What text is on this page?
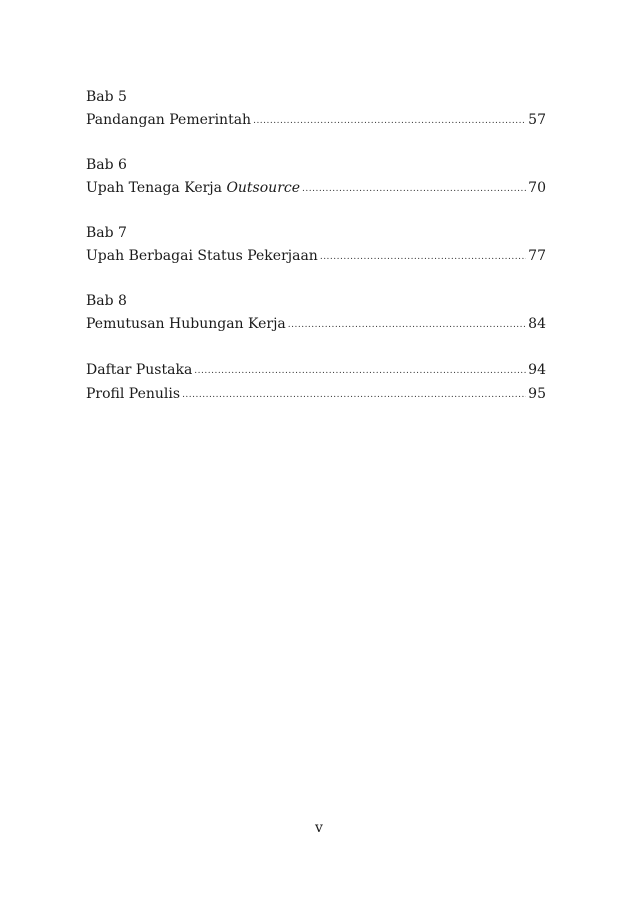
Bab 5
Pandangan Pemerintah .....	57
Bab 6
Upah Tenaga Kerja Outsource .....	70
Bab 7
Upah Berbagai Status Pekerjaan .....	77
Bab 8
Pemutusan Hubungan Kerja .....	84
Daftar Pustaka .....	94
Profil Penulis .....	95
v
